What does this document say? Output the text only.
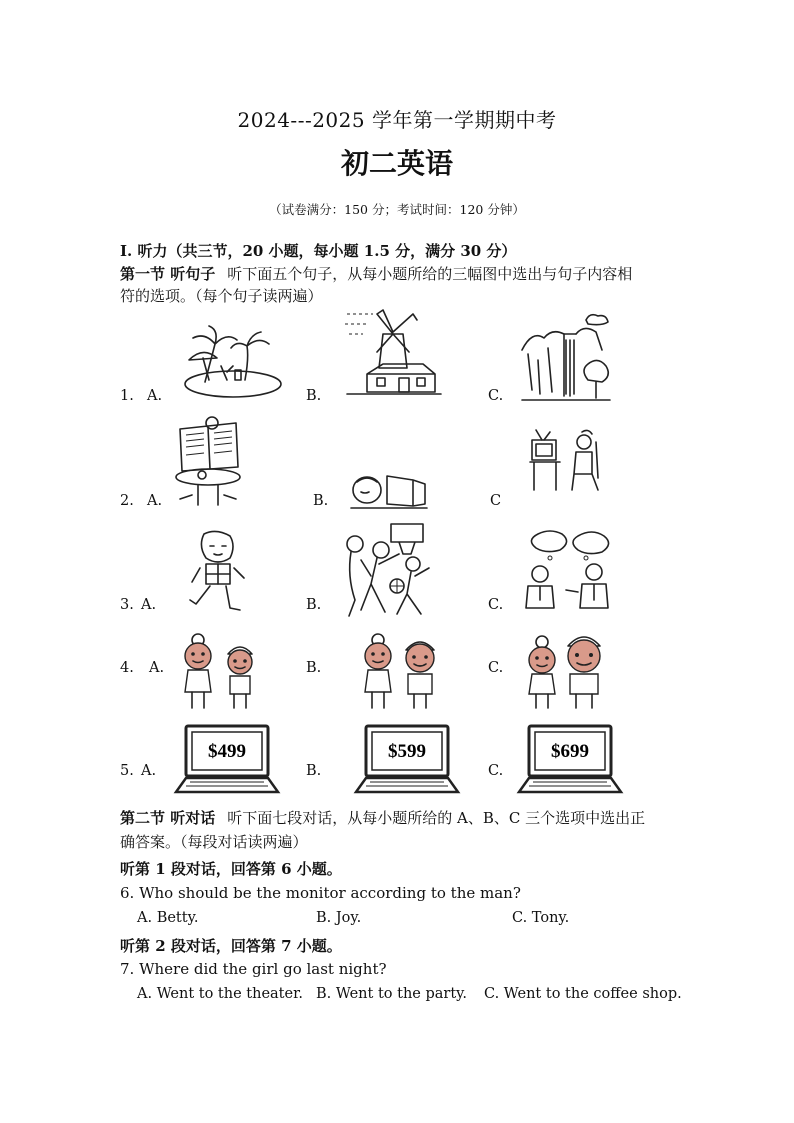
2024---2025 学年第一学期期中考
初二英语
（试卷满分：150 分；考试时间：120 分钟）
I. 听力（共三节，20 小题，每小题 1.5 分，满分 30 分）
第一节 听句子 听下面五个句子，从每小题所给的三幅图中选出与句子内容相
符的选项。（每个句子读两遍）
1. A.	B.	C.
2. A.	B.	C
3. A.	B.	C.
4. A.	B.	C.
5. A.	B.	C.
$499	$599	$699
第二节 听对话 听下面七段对话，从每小题所给的 A、B、C 三个选项中选出正
确答案。（每段对话读两遍）
听第 1 段对话，回答第 6 小题。
6. Who should be the monitor according to the man?
A. Betty.	B. Joy.	C. Tony.
听第 2 段对话，回答第 7 小题。
7. Where did the girl go last night?
A. Went to the theater. B. Went to the party. C. Went to the coffee shop.
